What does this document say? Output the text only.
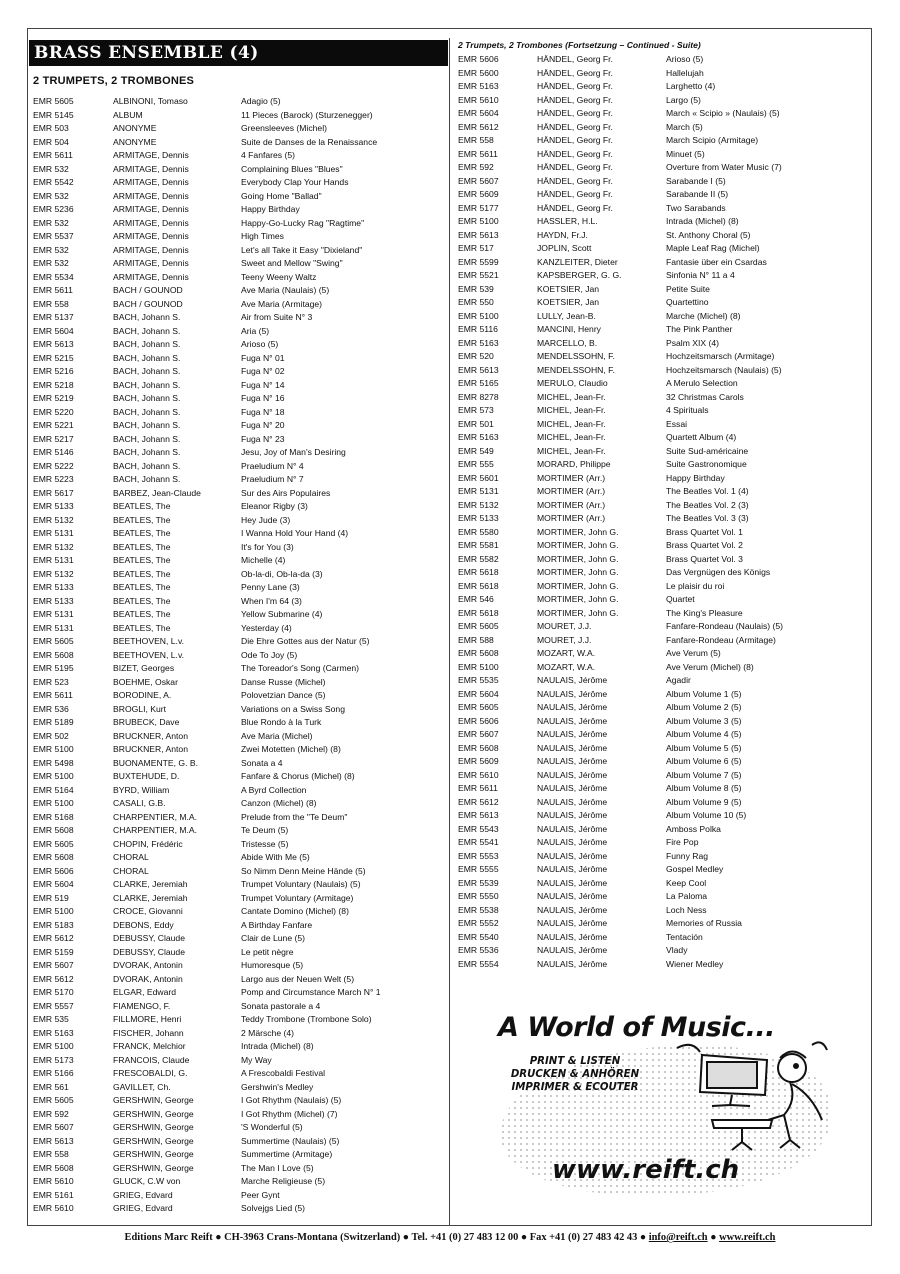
BRASS ENSEMBLE (4)
2 TRUMPETS, 2 TROMBONES
2 Trumpets, 2 Trombones (Fortsetzung – Continued - Suite)
EMR 5605	ALBINONI, Tomaso	Adagio (5)
EMR 5145	ALBUM	11 Pieces (Barock) (Sturzenegger)
EMR 503	ANONYME	Greensleeves (Michel)
EMR 504	ANONYME	Suite de Danses de la Renaissance
EMR 5611	ARMITAGE, Dennis	4 Fanfares (5)
EMR 532	ARMITAGE, Dennis	Complaining Blues "Blues"
EMR 5542	ARMITAGE, Dennis	Everybody Clap Your Hands
EMR 532	ARMITAGE, Dennis	Going Home "Ballad"
EMR 5236	ARMITAGE, Dennis	Happy Birthday
EMR 532	ARMITAGE, Dennis	Happy-Go-Lucky Rag "Ragtime"
EMR 5537	ARMITAGE, Dennis	High Times
EMR 532	ARMITAGE, Dennis	Let's all Take it Easy "Dixieland"
EMR 532	ARMITAGE, Dennis	Sweet and Mellow "Swing"
EMR 5534	ARMITAGE, Dennis	Teeny Weeny Waltz
EMR 5611	BACH / GOUNOD	Ave Maria (Naulais) (5)
EMR 558	BACH / GOUNOD	Ave Maria (Armitage)
EMR 5137	BACH, Johann S.	Air from Suite N° 3
EMR 5604	BACH, Johann S.	Aria (5)
EMR 5613	BACH, Johann S.	Arioso (5)
EMR 5215	BACH, Johann S.	Fuga N° 01
EMR 5216	BACH, Johann S.	Fuga N° 02
EMR 5218	BACH, Johann S.	Fuga N° 14
EMR 5219	BACH, Johann S.	Fuga N° 16
EMR 5220	BACH, Johann S.	Fuga N° 18
EMR 5221	BACH, Johann S.	Fuga N° 20
EMR 5217	BACH, Johann S.	Fuga N° 23
EMR 5146	BACH, Johann S.	Jesu, Joy of Man's Desiring
EMR 5222	BACH, Johann S.	Praeludium N° 4
EMR 5223	BACH, Johann S.	Praeludium N° 7
EMR 5617	BARBEZ, Jean-Claude	Sur des Airs Populaires
EMR 5133	BEATLES, The	Eleanor Rigby (3)
EMR 5132	BEATLES, The	Hey Jude (3)
EMR 5131	BEATLES, The	I Wanna Hold Your Hand (4)
EMR 5132	BEATLES, The	It's for You (3)
EMR 5131	BEATLES, The	Michelle (4)
EMR 5132	BEATLES, The	Ob-la-di, Ob-la-da (3)
EMR 5133	BEATLES, The	Penny Lane (3)
EMR 5133	BEATLES, The	When I'm 64 (3)
EMR 5131	BEATLES, The	Yellow Submarine (4)
EMR 5131	BEATLES, The	Yesterday (4)
EMR 5605	BEETHOVEN, L.v.	Die Ehre Gottes aus der Natur (5)
EMR 5608	BEETHOVEN, L.v.	Ode To Joy (5)
EMR 5195	BIZET, Georges	The Toreador's Song (Carmen)
EMR 523	BOEHME, Oskar	Danse Russe (Michel)
EMR 5611	BORODINE, A.	Polovetzian Dance (5)
EMR 536	BROGLI, Kurt	Variations on a Swiss Song
EMR 5189	BRUBECK, Dave	Blue Rondo à la Turk
EMR 502	BRUCKNER, Anton	Ave Maria (Michel)
EMR 5100	BRUCKNER, Anton	Zwei Motetten (Michel) (8)
EMR 5498	BUONAMENTE, G. B.	Sonata a 4
EMR 5100	BUXTEHUDE, D.	Fanfare & Chorus (Michel) (8)
EMR 5164	BYRD, William	A Byrd Collection
EMR 5100	CASALI, G.B.	Canzon (Michel) (8)
EMR 5168	CHARPENTIER, M.A.	Prelude from the "Te Deum"
EMR 5608	CHARPENTIER, M.A.	Te Deum (5)
EMR 5605	CHOPIN, Frédéric	Tristesse (5)
EMR 5608	CHORAL	Abide With Me (5)
EMR 5606	CHORAL	So Nimm Denn Meine Hände (5)
EMR 5604	CLARKE, Jeremiah	Trumpet Voluntary (Naulais) (5)
EMR 519	CLARKE, Jeremiah	Trumpet Voluntary (Armitage)
EMR 5100	CROCE, Giovanni	Cantate Domino (Michel) (8)
EMR 5183	DEBONS, Eddy	A Birthday Fanfare
EMR 5612	DEBUSSY, Claude	Clair de Lune (5)
EMR 5159	DEBUSSY, Claude	Le petit nègre
EMR 5607	DVORAK, Antonin	Humoresque (5)
EMR 5612	DVORAK, Antonin	Largo aus der Neuen Welt (5)
EMR 5170	ELGAR, Edward	Pomp and Circumstance March N° 1
EMR 5557	FIAMENGO, F.	Sonata pastorale a 4
EMR 535	FILLMORE, Henri	Teddy Trombone (Trombone Solo)
EMR 5163	FISCHER, Johann	2 Märsche (4)
EMR 5100	FRANCK, Melchior	Intrada (Michel) (8)
EMR 5173	FRANCOIS, Claude	My Way
EMR 5166	FRESCOBALDI, G.	A Frescobaldi Festival
EMR 561	GAVILLET, Ch.	Gershwin's Medley
EMR 5605	GERSHWIN, George	I Got Rhythm (Naulais) (5)
EMR 592	GERSHWIN, George	I Got Rhythm (Michel) (7)
EMR 5607	GERSHWIN, George	'S Wonderful (5)
EMR 5613	GERSHWIN, George	Summertime (Naulais) (5)
EMR 558	GERSHWIN, George	Summertime (Armitage)
EMR 5608	GERSHWIN, George	The Man I Love (5)
EMR 5610	GLUCK, C.W von	Marche Religieuse (5)
EMR 5161	GRIEG, Edvard	Peer Gynt
EMR 5610	GRIEG, Edvard	Solvejgs Lied (5)
EMR 5606	HÄNDEL, Georg Fr.	Arioso (5)
EMR 5600	HÄNDEL, Georg Fr.	Hallelujah
EMR 5163	HÄNDEL, Georg Fr.	Larghetto (4)
EMR 5610	HÄNDEL, Georg Fr.	Largo (5)
EMR 5604	HÄNDEL, Georg Fr.	March « Scipio » (Naulais) (5)
EMR 5612	HÄNDEL, Georg Fr.	March (5)
EMR 558	HÄNDEL, Georg Fr.	March Scipio (Armitage)
EMR 5611	HÄNDEL, Georg Fr.	Minuet (5)
EMR 592	HÄNDEL, Georg Fr.	Overture from Water Music (7)
EMR 5607	HÄNDEL, Georg Fr.	Sarabande I (5)
EMR 5609	HÄNDEL, Georg Fr.	Sarabande II (5)
EMR 5177	HÄNDEL, Georg Fr.	Two Sarabands
EMR 5100	HASSLER, H.L.	Intrada (Michel) (8)
EMR 5613	HAYDN, Fr.J.	St. Anthony Choral (5)
EMR 517	JOPLIN, Scott	Maple Leaf Rag (Michel)
EMR 5599	KANZLEITER, Dieter	Fantasie über ein Csardas
EMR 5521	KAPSBERGER, G. G.	Sinfonia N° 11 a 4
EMR 539	KOETSIER, Jan	Petite Suite
EMR 550	KOETSIER, Jan	Quartettino
EMR 5100	LULLY, Jean-B.	Marche (Michel) (8)
EMR 5116	MANCINI, Henry	The Pink Panther
EMR 5163	MARCELLO, B.	Psalm XIX (4)
EMR 520	MENDELSSOHN, F.	Hochzeitsmarsch (Armitage)
EMR 5613	MENDELSSOHN, F.	Hochzeitsmarsch (Naulais) (5)
EMR 5165	MERULO, Claudio	A Merulo Selection
EMR 8278	MICHEL, Jean-Fr.	32 Christmas Carols
EMR 573	MICHEL, Jean-Fr.	4 Spirituals
EMR 501	MICHEL, Jean-Fr.	Essai
EMR 5163	MICHEL, Jean-Fr.	Quartett Album (4)
EMR 549	MICHEL, Jean-Fr.	Suite Sud-américaine
EMR 555	MORARD, Philippe	Suite Gastronomique
EMR 5601	MORTIMER (Arr.)	Happy Birthday
EMR 5131	MORTIMER (Arr.)	The Beatles Vol. 1 (4)
EMR 5132	MORTIMER (Arr.)	The Beatles Vol. 2 (3)
EMR 5133	MORTIMER (Arr.)	The Beatles Vol. 3 (3)
EMR 5580	MORTIMER, John G.	Brass Quartet Vol. 1
EMR 5581	MORTIMER, John G.	Brass Quartet Vol. 2
EMR 5582	MORTIMER, John G.	Brass Quartet Vol. 3
EMR 5618	MORTIMER, John G.	Das Vergnügen des Königs
EMR 5618	MORTIMER, John G.	Le plaisir du roi
EMR 546	MORTIMER, John G.	Quartet
EMR 5618	MORTIMER, John G.	The King's Pleasure
EMR 5605	MOURET, J.J.	Fanfare-Rondeau (Naulais) (5)
EMR 588	MOURET, J.J.	Fanfare-Rondeau (Armitage)
EMR 5608	MOZART, W.A.	Ave Verum (5)
EMR 5100	MOZART, W.A.	Ave Verum (Michel) (8)
EMR 5535	NAULAIS, Jérôme	Agadir
EMR 5604	NAULAIS, Jérôme	Album Volume 1 (5)
EMR 5605	NAULAIS, Jérôme	Album Volume 2 (5)
EMR 5606	NAULAIS, Jérôme	Album Volume 3 (5)
EMR 5607	NAULAIS, Jérôme	Album Volume 4 (5)
EMR 5608	NAULAIS, Jérôme	Album Volume 5 (5)
EMR 5609	NAULAIS, Jérôme	Album Volume 6 (5)
EMR 5610	NAULAIS, Jérôme	Album Volume 7 (5)
EMR 5611	NAULAIS, Jérôme	Album Volume 8 (5)
EMR 5612	NAULAIS, Jérôme	Album Volume 9 (5)
EMR 5613	NAULAIS, Jérôme	Album Volume 10 (5)
EMR 5543	NAULAIS, Jérôme	Amboss Polka
EMR 5541	NAULAIS, Jérôme	Fire Pop
EMR 5553	NAULAIS, Jérôme	Funny Rag
EMR 5555	NAULAIS, Jérôme	Gospel Medley
EMR 5539	NAULAIS, Jérôme	Keep Cool
EMR 5550	NAULAIS, Jérôme	La Paloma
EMR 5538	NAULAIS, Jérôme	Loch Ness
EMR 5552	NAULAIS, Jérôme	Memories of Russia
EMR 5540	NAULAIS, Jérôme	Tentación
EMR 5536	NAULAIS, Jérôme	Vlady
EMR 5554	NAULAIS, Jérôme	Wiener Medley
A World of Music...
PRINT & LISTEN
DRUCKEN & ANHÖREN
IMPRIMER & ECOUTER
www.reift.ch
Editions Marc Reift ● CH-3963 Crans-Montana (Switzerland) ● Tel. +41 (0) 27 483 12 00 ● Fax +41 (0) 27 483 42 43 ● info@reift.ch ● www.reift.ch
